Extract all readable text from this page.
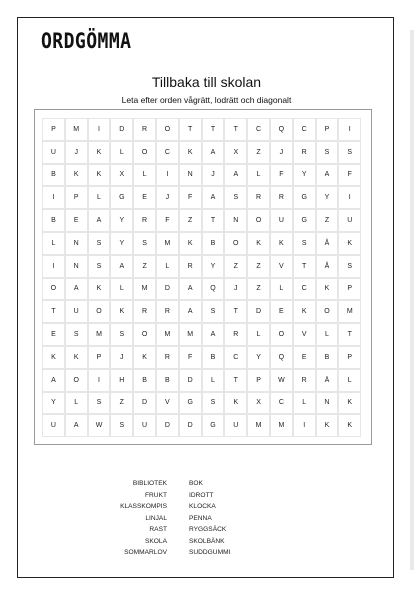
ORDGÖMMA
Tillbaka till skolan
Leta efter orden vågrätt, lodrätt och diagonalt
P	M	I	D	R	O	T	T	T	C	Q	C	P	I
U	J	K	L	O	C	K	A	X	Z	J	R	S	S
B	K	K	X	L	I	N	J	A	L	F	Y	A	F
I	P	L	G	E	J	F	A	S	R	R	G	Y	I
B	E	A	Y	R	F	Z	T	N	O	U	G	Z	U
L	N	S	Y	S	M	K	B	O	K	K	S	Å	K
I	N	S	A	Z	L	R	Y	Z	Z	V	T	Å	S
O	A	K	L	M	D	A	Q	J	Z	L	C	K	P
T	U	O	K	R	R	A	S	T	D	E	K	O	M
E	S	M	S	O	M	M	A	R	L	O	V	L	T
K	K	P	J	K	R	F	B	C	Y	Q	E	B	P
A	O	I	H	B	B	D	L	T	P	W	R	Ä	L
Y	L	S	Z	D	V	G	S	K	X	C	L	N	K
U	A	W	S	U	D	D	G	U	M	M	I	K	K
BIBLIOTEK	BOK
FRUKT	IDROTT
KLASSKOMPIS	KLOCKA
LINJAL	PENNA
RAST	RYGGSÄCK
SKOLA	SKOLBÄNK
SOMMARLOV	SUDDGUMMI
